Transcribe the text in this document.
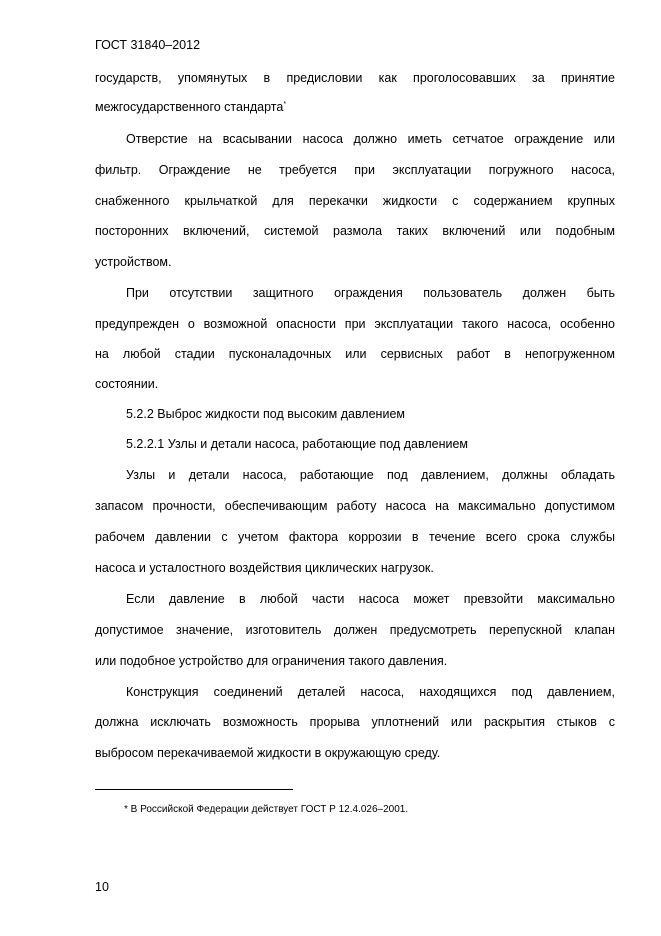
ГОСТ 31840–2012
государств, упомянутых в предисловии как проголосовавших за принятие
межгосударственного стандарта*
Отверстие на всасывании насоса должно иметь сетчатое ограждение или
фильтр. Ограждение не требуется при эксплуатации погружного насоса,
снабженного крыльчаткой для перекачки жидкости с содержанием крупных
посторонних включений, системой размола таких включений или подобным
устройством.
При отсутствии защитного ограждения пользователь должен быть
предупрежден о возможной опасности при эксплуатации такого насоса, особенно
на любой стадии пусконаладочных или сервисных работ в непогруженном
состоянии.
5.2.2 Выброс жидкости под высоким давлением
5.2.2.1 Узлы и детали насоса, работающие под давлением
Узлы и детали насоса, работающие под давлением, должны обладать
запасом прочности, обеспечивающим работу насоса на максимально допустимом
рабочем давлении с учетом фактора коррозии в течение всего срока службы
насоса и усталостного воздействия циклических нагрузок.
Если давление в любой части насоса может превзойти максимально
допустимое значение, изготовитель должен предусмотреть перепускной клапан
или подобное устройство для ограничения такого давления.
Конструкция соединений деталей насоса, находящихся под давлением,
должна исключать возможность прорыва уплотнений или раскрытия стыков с
выбросом перекачиваемой жидкости в окружающую среду.
* В Российской Федерации действует ГОСТ Р 12.4.026–2001.
10
